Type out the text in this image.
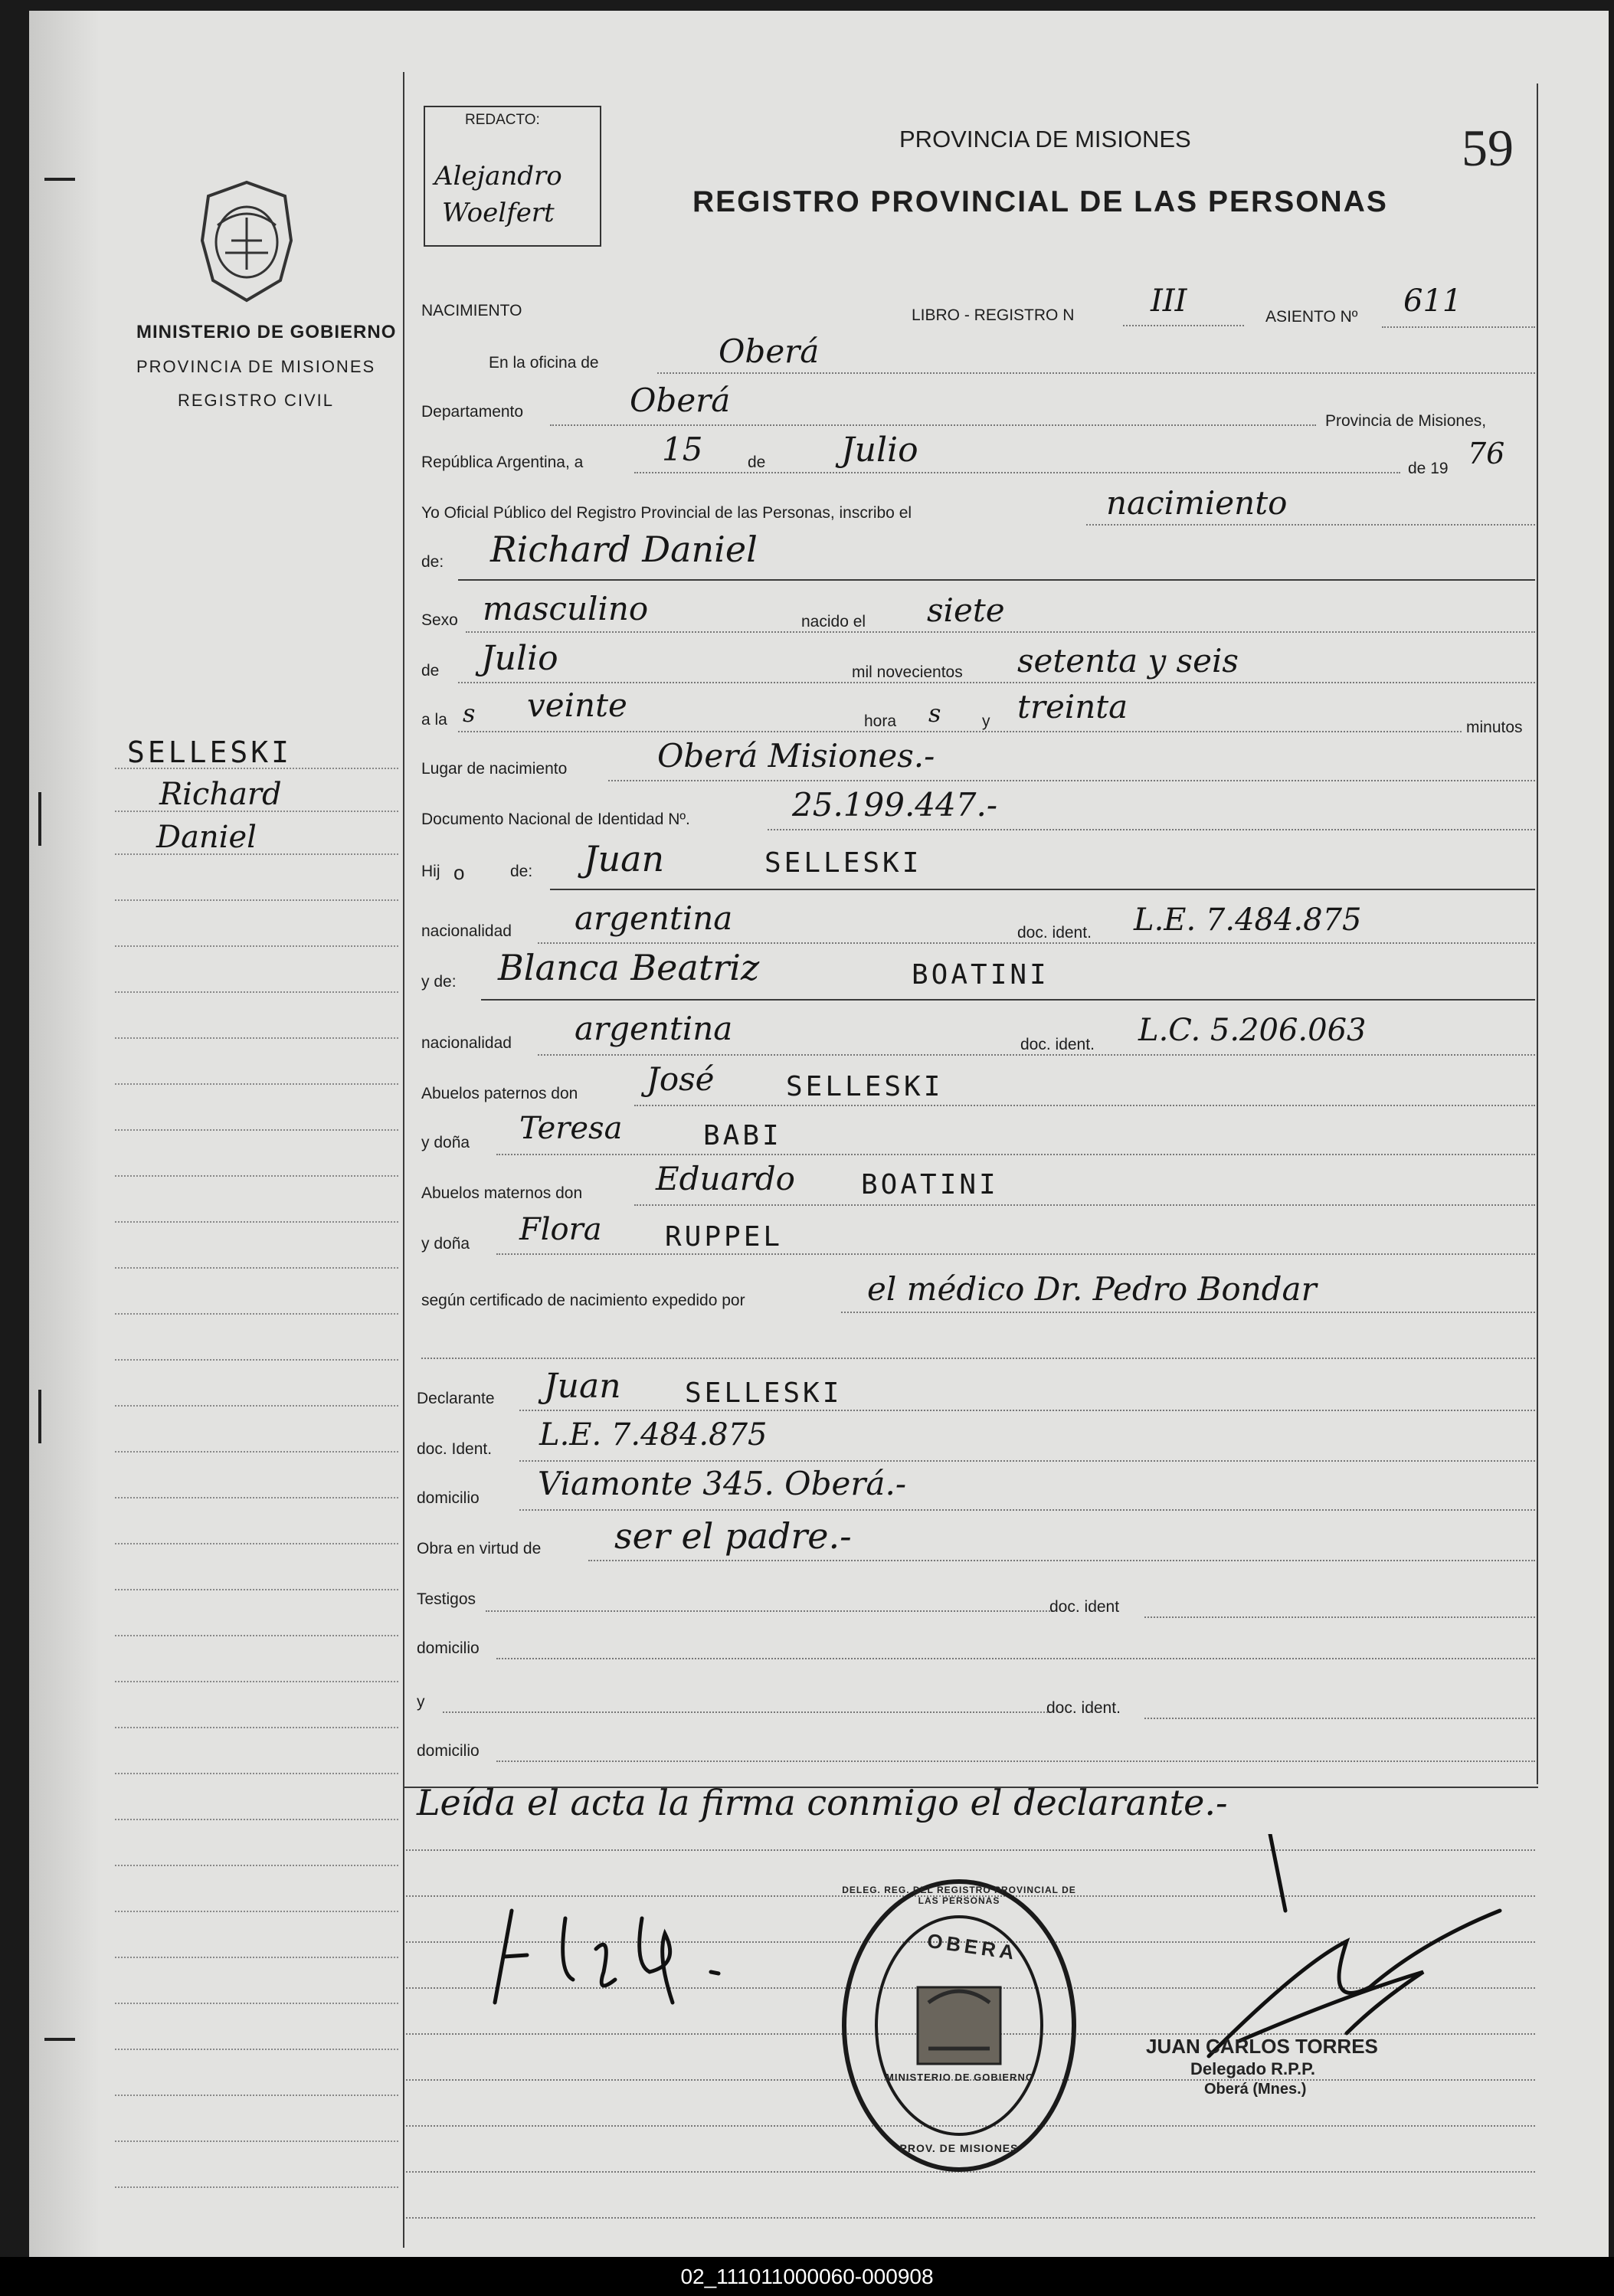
REDACTO:
Alejandro
Woelfert
PROVINCIA DE MISIONES
REGISTRO PROVINCIAL DE LAS PERSONAS
59
MINISTERIO DE GOBIERNO
PROVINCIA DE MISIONES
REGISTRO CIVIL
SELLESKI
Richard
Daniel
NACIMIENTO	LIBRO - REGISTRO N III	ASIENTO Nº 611
En la oficina de	Oberá
Departamento	Oberá
Provincia de Misiones,
República Argentina, a 15	de Julio	de 19 76
Yo Oficial Público del Registro Provincial de las Personas, inscribo el	nacimiento
de: Richard Daniel
Sexo masculino	nacido el siete
de Julio	mil novecientos setenta y seis
a la s veinte	hora s	y treinta
minutos
Lugar de nacimiento	Oberá Misiones.-
Documento Nacional de Identidad Nº.	25.199.447.-
Hij o	de: Juan	SELLESKI
nacionalidad argentina	doc. ident. L.E. 7.484.875
y de: Blanca Beatriz	BOATINI
nacionalidad argentina	doc. ident. L.C. 5.206.063
Abuelos paternos don José	SELLESKI
y doña Teresa	BABI
Abuelos maternos don Eduardo BOATINI
y doña Flora RUPPEL
según certificado de nacimiento expedido por	el médico Dr. Pedro Bondar
Declarante Juan SELLESKI
doc. Ident. L.E. 7.484.875
domicilio Viamonte 345. Oberá.-
Obra en virtud de ser el padre.-
Testigos	doc. ident
domicilio
y	doc. ident.
domicilio
Leída el acta la firma conmigo el declarante.-
OBERA
MINISTERIO DE GOBIERNO
DELEG. REG. DEL REGISTRO PROVINCIAL DE LAS PERSONAS
PROV. DE MISIONES
JUAN CARLOS TORRES
Delegado R.P.P.
Oberá (Mnes.)
02_111011000060-000908
